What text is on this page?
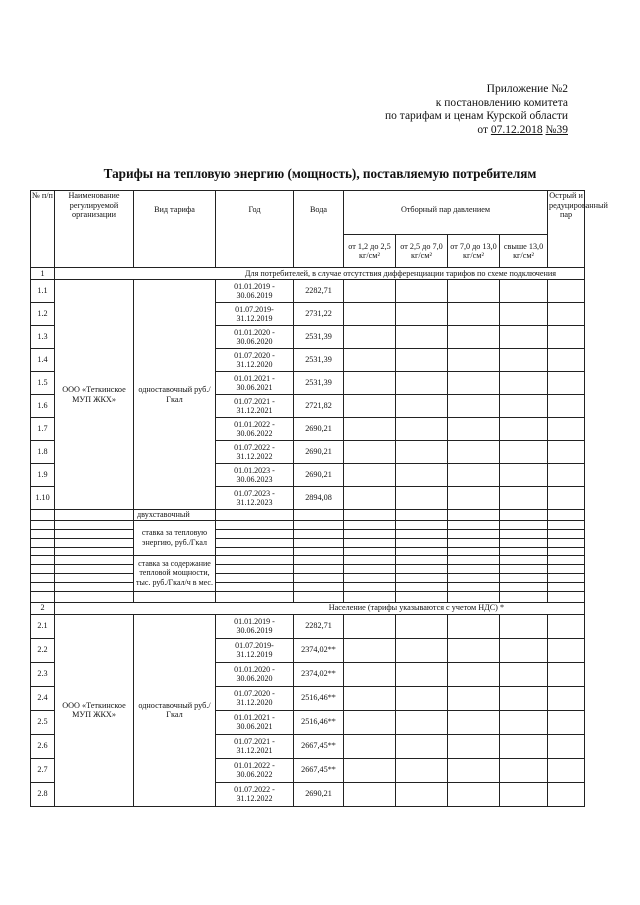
Приложение №2
к постановлению комитета
по тарифам и ценам Курской области
от 07.12.2018 №39
Тарифы на тепловую энергию (мощность), поставляемую потребителям
№ п/п	Наименование регулируемой организации	Вид тарифа	Год	Вода	Отборный пар давлением				Острый и редуцированный пар
					от 1,2 до 2,5 кг/см²	от 2,5 до 7,0 кг/см²	от 7,0 до 13,0 кг/см²	свыше 13,0 кг/см²	
1	Для потребителей, в случае отсутствия дифференциации тарифов по схеме подключения								
1.1	ООО «Теткинское МУП ЖКХ»	одноставочный руб./Гкал	01.01.2019 - 30.06.2019	2282,71					
1.2			01.07.2019- 31.12.2019	2731,22					
1.3			01.01.2020 - 30.06.2020	2531,39					
1.4			01.07.2020 - 31.12.2020	2531,39					
1.5			01.01.2021 - 30.06.2021	2531,39					
1.6			01.07.2021 - 31.12.2021	2721,82					
1.7			01.01.2022 - 30.06.2022	2690,21					
1.8			01.07.2022 - 31.12.2022	2690,21					
1.9			01.01.2023 - 30.06.2023	2690,21					
1.10			01.07.2023 - 31.12.2023	2894,08					
		двухставочный							
		ставка за тепловую энергию, руб./Гкал							

		ставка за содержание тепловой мощности, тыс. руб./Гкал/ч в мес.							

2	Население (тарифы указываются с учетом НДС) *								
2.1	ООО «Теткинское МУП ЖКХ»	одноставочный руб./Гкал	01.01.2019 - 30.06.2019	2282,71					
2.2			01.07.2019- 31.12.2019	2374,02**					
2.3			01.01.2020 - 30.06.2020	2374,02**					
2.4			01.07.2020 - 31.12.2020	2516,46**					
2.5			01.01.2021 - 30.06.2021	2516,46**					
2.6			01.07.2021 - 31.12.2021	2667,45**					
2.7			01.01.2022 - 30.06.2022	2667,45**					
2.8			01.07.2022 - 31.12.2022	2690,21					
